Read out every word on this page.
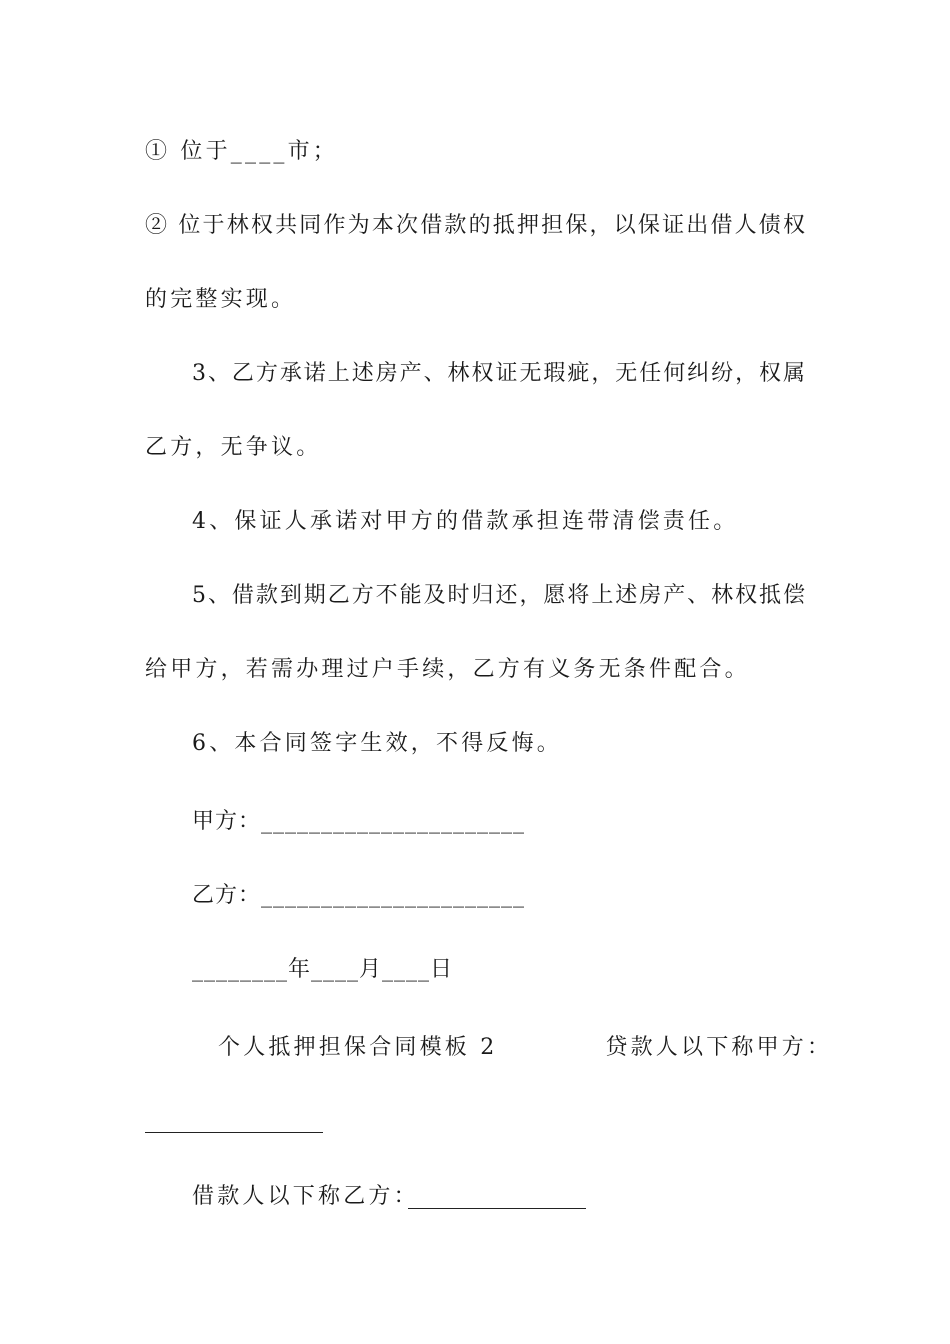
① 位于____市；
② 位于林权共同作为本次借款的抵押担保，以保证出借人债权
的完整实现。
3、乙方承诺上述房产、林权证无瑕疵，无任何纠纷，权属
乙方，无争议。
4、保证人承诺对甲方的借款承担连带清偿责任。
5、借款到期乙方不能及时归还，愿将上述房产、林权抵偿
给甲方，若需办理过户手续，乙方有义务无条件配合。
6、本合同签字生效，不得反悔。
甲方：______________________
乙方：______________________
________年____月____日
个人抵押担保合同模板 2	贷款人以下称甲方：
借款人以下称乙方：
